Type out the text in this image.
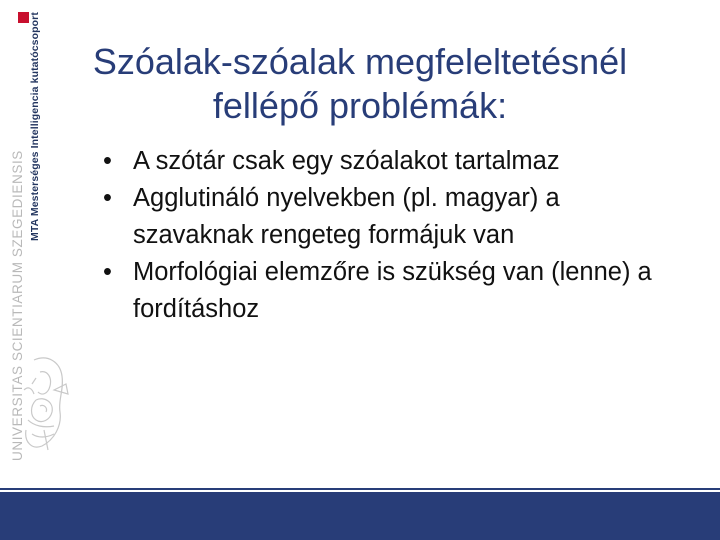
MTA Mesterséges Intelligencia kutatócsoport
UNIVERSITAS SCIENTIARUM SZEGEDIENSIS
Szóalak-szóalak megfeleltetésnél
fellépő problémák:
• A szótár csak egy szóalakot tartalmaz
• Agglutináló nyelvekben (pl. magyar) a szavaknak rengeteg formájuk van
• Morfológiai elemzőre is szükség van (lenne) a fordításhoz
